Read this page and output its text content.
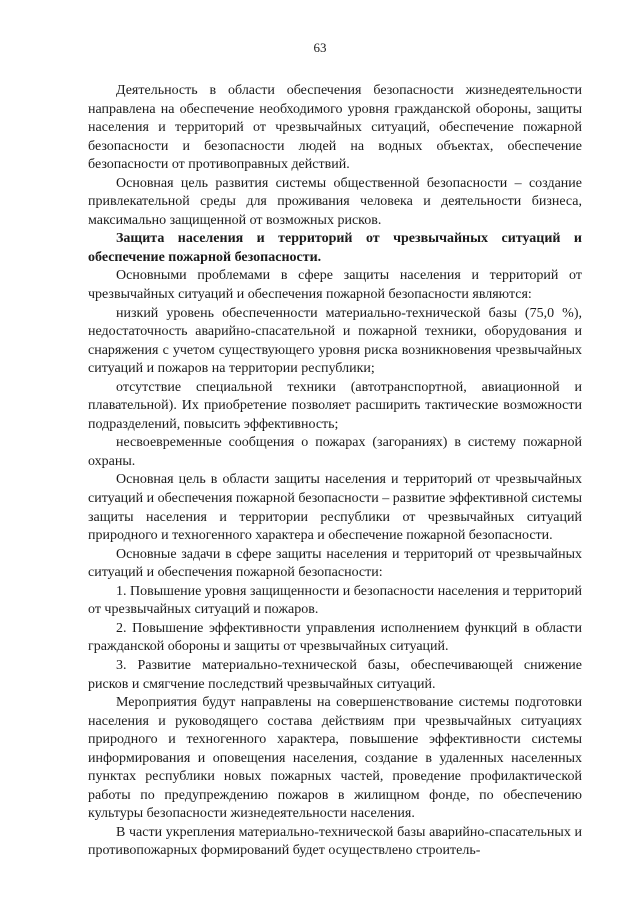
63

Деятельность в области обеспечения безопасности жизнедеятельности направлена на обеспечение необходимого уровня гражданской обороны, защиты населения и территорий от чрезвычайных ситуаций, обеспечение пожарной безопасности и безопасности людей на водных объектах, обеспечение безопасности от противоправных действий.

Основная цель развития системы общественной безопасности – создание привлекательной среды для проживания человека и деятельности бизнеса, максимально защищенной от возможных рисков.

Защита населения и территорий от чрезвычайных ситуаций и обеспечение пожарной безопасности.

Основными проблемами в сфере защиты населения и территорий от чрезвычайных ситуаций и обеспечения пожарной безопасности являются:

низкий уровень обеспеченности материально-технической базы (75,0 %), недостаточность аварийно-спасательной и пожарной техники, оборудования и снаряжения с учетом существующего уровня риска возникновения чрезвычайных ситуаций и пожаров на территории республики;

отсутствие специальной техники (автотранспортной, авиационной и плавательной). Их приобретение позволяет расширить тактические возможности подразделений, повысить эффективность;

несвоевременные сообщения о пожарах (загораниях) в систему пожарной охраны.

Основная цель в области защиты населения и территорий от чрезвычайных ситуаций и обеспечения пожарной безопасности – развитие эффективной системы защиты населения и территории республики от чрезвычайных ситуаций природного и техногенного характера и обеспечение пожарной безопасности.

Основные задачи в сфере защиты населения и территорий от чрезвычайных ситуаций и обеспечения пожарной безопасности:

1. Повышение уровня защищенности и безопасности населения и территорий от чрезвычайных ситуаций и пожаров.

2. Повышение эффективности управления исполнением функций в области гражданской обороны и защиты от чрезвычайных ситуаций.

3. Развитие материально-технической базы, обеспечивающей снижение рисков и смягчение последствий чрезвычайных ситуаций.

Мероприятия будут направлены на совершенствование системы подготовки населения и руководящего состава действиям при чрезвычайных ситуациях природного и техногенного характера, повышение эффективности системы информирования и оповещения населения, создание в удаленных населенных пунктах республики новых пожарных частей, проведение профилактической работы по предупреждению пожаров в жилищном фонде, по обеспечению культуры безопасности жизнедеятельности населения.

В части укрепления материально-технической базы аварийно-спасательных и противопожарных формирований будет осуществлено строитель-
